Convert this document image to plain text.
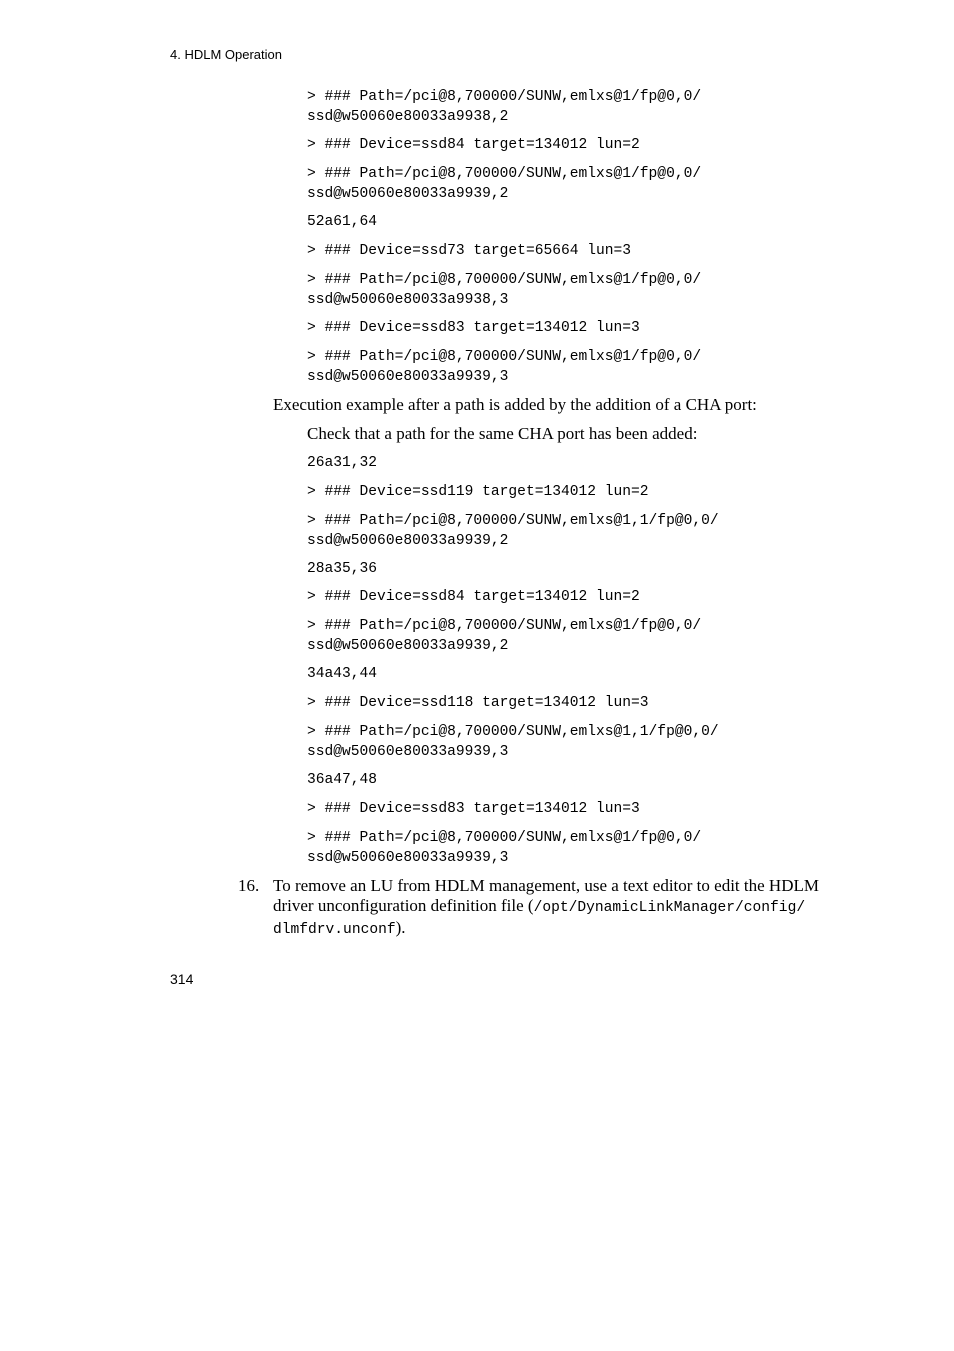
4. HDLM Operation
> ### Path=/pci@8,700000/SUNW,emlxs@1/fp@0,0/
ssd@w50060e80033a9938,2
> ### Device=ssd84 target=134012 lun=2
> ### Path=/pci@8,700000/SUNW,emlxs@1/fp@0,0/
ssd@w50060e80033a9939,2
52a61,64
> ### Device=ssd73 target=65664 lun=3
> ### Path=/pci@8,700000/SUNW,emlxs@1/fp@0,0/
ssd@w50060e80033a9938,3
> ### Device=ssd83 target=134012 lun=3
> ### Path=/pci@8,700000/SUNW,emlxs@1/fp@0,0/
ssd@w50060e80033a9939,3
Execution example after a path is added by the addition of a CHA port:
Check that a path for the same CHA port has been added:
26a31,32
> ### Device=ssd119 target=134012 lun=2
> ### Path=/pci@8,700000/SUNW,emlxs@1,1/fp@0,0/
ssd@w50060e80033a9939,2
28a35,36
> ### Device=ssd84 target=134012 lun=2
> ### Path=/pci@8,700000/SUNW,emlxs@1/fp@0,0/
ssd@w50060e80033a9939,2
34a43,44
> ### Device=ssd118 target=134012 lun=3
> ### Path=/pci@8,700000/SUNW,emlxs@1,1/fp@0,0/
ssd@w50060e80033a9939,3
36a47,48
> ### Device=ssd83 target=134012 lun=3
> ### Path=/pci@8,700000/SUNW,emlxs@1/fp@0,0/
ssd@w50060e80033a9939,3
16. To remove an LU from HDLM management, use a text editor to edit the HDLM driver unconfiguration definition file (/opt/DynamicLinkManager/config/​dlmfdrv.unconf).
314
